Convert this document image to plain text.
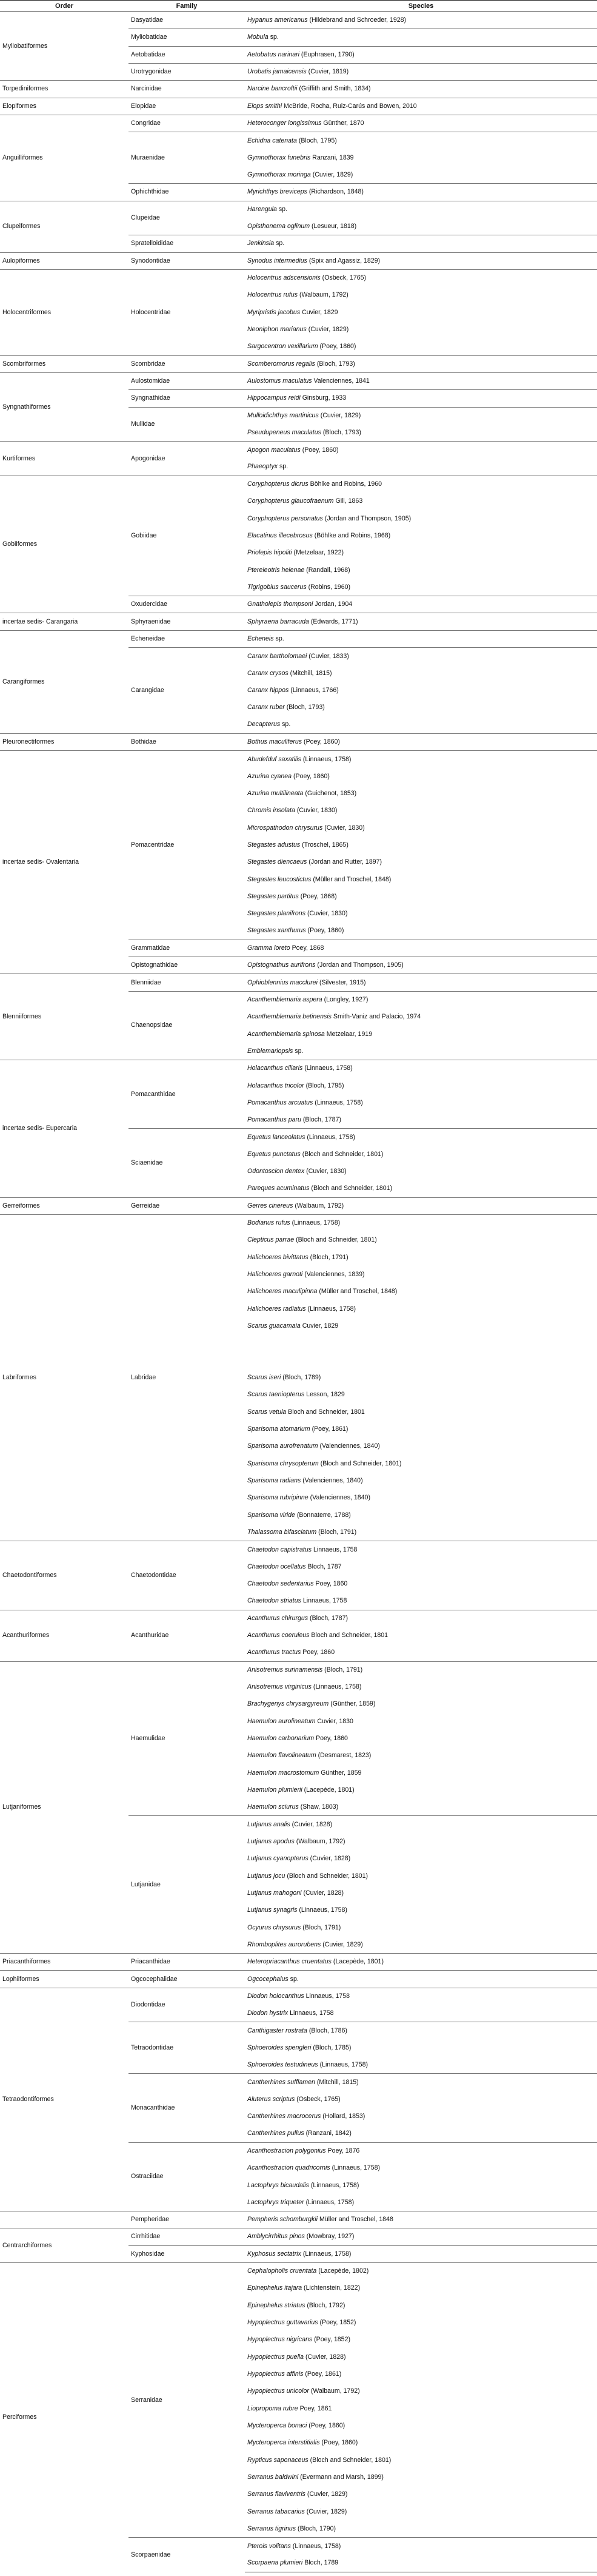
Order	Family	Species
Myliobatiformes	Dasyatidae	Hypanus americanus (Hildebrand and Schroeder, 1928)
	Myliobatidae	Mobula sp.
	Aetobatidae	Aetobatus narinari (Euphrasen, 1790)
	Urotrygonidae	Urobatis jamaicensis (Cuvier, 1819)
Torpediniformes	Narcinidae	Narcine bancroftii (Griffith and Smith, 1834)
Elopiformes	Elopidae	Elops smithi McBride, Rocha, Ruiz-Carús and Bowen, 2010
Anguilliformes	Congridae	Heteroconger longissimus Günther, 1870
	Muraenidae	Echidna catenata (Bloch, 1795)
		Gymnothorax funebris Ranzani, 1839
		Gymnothorax moringa (Cuvier, 1829)
	Ophichthidae	Myrichthys breviceps (Richardson, 1848)
Clupeiformes	Clupeidae	Harengula sp.
		Opisthonema oglinum (Lesueur, 1818)
	Spratelloididae	Jenkinsia sp.
Aulopiformes	Synodontidae	Synodus intermedius (Spix and Agassiz, 1829)
Holocentriformes	Holocentridae	Holocentrus adscensionis (Osbeck, 1765)
		Holocentrus rufus (Walbaum, 1792)
		Myripristis jacobus Cuvier, 1829
		Neoniphon marianus (Cuvier, 1829)
		Sargocentron vexillarium (Poey, 1860)
Scombriformes	Scombridae	Scomberomorus regalis (Bloch, 1793)
Syngnathiformes	Aulostomidae	Aulostomus maculatus Valenciennes, 1841
	Syngnathidae	Hippocampus reidi Ginsburg, 1933
	Mullidae	Mulloidichthys martinicus (Cuvier, 1829)
		Pseudupeneus maculatus (Bloch, 1793)
Kurtiformes	Apogonidae	Apogon maculatus (Poey, 1860)
		Phaeoptyx sp.
Gobiiformes	Gobiidae	Coryphopterus dicrus Böhlke and Robins, 1960
		Coryphopterus glaucofraenum Gill, 1863
		Coryphopterus personatus (Jordan and Thompson, 1905)
		Elacatinus illecebrosus (Böhlke and Robins, 1968)
		Priolepis hipoliti (Metzelaar, 1922)
		Ptereleotris helenae (Randall, 1968)
		Tigrigobius saucerus (Robins, 1960)
	Oxudercidae	Gnatholepis thompsoni Jordan, 1904
incertae sedis- Carangaria	Sphyraenidae	Sphyraena barracuda (Edwards, 1771)
Carangiformes	Echeneidae	Echeneis sp.
	Carangidae	Caranx bartholomaei (Cuvier, 1833)
		Caranx crysos (Mitchill, 1815)
		Caranx hippos (Linnaeus, 1766)
		Caranx ruber (Bloch, 1793)
		Decapterus sp.
Pleuronectiformes	Bothidae	Bothus maculiferus (Poey, 1860)
incertae sedis- Ovalentaria	Pomacentridae	Abudefduf saxatilis (Linnaeus, 1758)
		Azurina cyanea (Poey, 1860)
		Azurina multilineata (Guichenot, 1853)
		Chromis insolata (Cuvier, 1830)
		Microspathodon chrysurus (Cuvier, 1830)
		Stegastes adustus (Troschel, 1865)
		Stegastes diencaeus (Jordan and Rutter, 1897)
		Stegastes leucostictus (Müller and Troschel, 1848)
		Stegastes partitus (Poey, 1868)
		Stegastes planifrons (Cuvier, 1830)
		Stegastes xanthurus (Poey, 1860)
	Grammatidae	Gramma loreto Poey, 1868
	Opistognathidae	Opistognathus aurifrons (Jordan and Thompson, 1905)
Blenniiformes	Blenniidae	Ophioblennius macclurei (Silvester, 1915)
	Chaenopsidae	Acanthemblemaria aspera (Longley, 1927)
		Acanthemblemaria betinensis Smith-Vaniz and Palacio, 1974
		Acanthemblemaria spinosa Metzelaar, 1919
		Emblemariopsis sp.
incertae sedis- Eupercaria	Pomacanthidae	Holacanthus ciliaris (Linnaeus, 1758)
		Holacanthus tricolor (Bloch, 1795)
		Pomacanthus arcuatus (Linnaeus, 1758)
		Pomacanthus paru (Bloch, 1787)
	Sciaenidae	Equetus lanceolatus (Linnaeus, 1758)
		Equetus punctatus (Bloch and Schneider, 1801)
		Odontoscion dentex (Cuvier, 1830)
		Pareques acuminatus (Bloch and Schneider, 1801)
Gerreiformes	Gerreidae	Gerres cinereus (Walbaum, 1792)
Labriformes	Labridae	Bodianus rufus (Linnaeus, 1758)
		Clepticus parrae (Bloch and Schneider, 1801)
		Halichoeres bivittatus (Bloch, 1791)
		Halichoeres garnoti (Valenciennes, 1839)
		Halichoeres maculipinna (Müller and Troschel, 1848)
		Halichoeres radiatus (Linnaeus, 1758)
		Scarus guacamaia Cuvier, 1829

		Scarus iseri (Bloch, 1789)
		Scarus taeniopterus Lesson, 1829
		Scarus vetula Bloch and Schneider, 1801
		Sparisoma atomarium (Poey, 1861)
		Sparisoma aurofrenatum (Valenciennes, 1840)
		Sparisoma chrysopterum (Bloch and Schneider, 1801)
		Sparisoma radians (Valenciennes, 1840)
		Sparisoma rubripinne (Valenciennes, 1840)
		Sparisoma viride (Bonnaterre, 1788)
		Thalassoma bifasciatum (Bloch, 1791)
Chaetodontiformes	Chaetodontidae	Chaetodon capistratus Linnaeus, 1758
		Chaetodon ocellatus Bloch, 1787
		Chaetodon sedentarius Poey, 1860
		Chaetodon striatus Linnaeus, 1758
Acanthuriformes	Acanthuridae	Acanthurus chirurgus (Bloch, 1787)
		Acanthurus coeruleus Bloch and Schneider, 1801
		Acanthurus tractus Poey, 1860
Lutjaniformes	Haemulidae	Anisotremus surinamensis (Bloch, 1791)
		Anisotremus virginicus (Linnaeus, 1758)
		Brachygenys chrysargyreum (Günther, 1859)
		Haemulon aurolineatum Cuvier, 1830
		Haemulon carbonarium Poey, 1860
		Haemulon flavolineatum (Desmarest, 1823)
		Haemulon macrostomum Günther, 1859
		Haemulon plumierii (Lacepède, 1801)
		Haemulon sciurus (Shaw, 1803)
	Lutjanidae	Lutjanus analis (Cuvier, 1828)
		Lutjanus apodus (Walbaum, 1792)
		Lutjanus cyanopterus (Cuvier, 1828)
		Lutjanus jocu (Bloch and Schneider, 1801)
		Lutjanus mahogoni (Cuvier, 1828)
		Lutjanus synagris (Linnaeus, 1758)
		Ocyurus chrysurus (Bloch, 1791)
		Rhomboplites aurorubens (Cuvier, 1829)
Priacanthiformes	Priacanthidae	Heteropriacanthus cruentatus (Lacepède, 1801)
Lophiiformes	Ogcocephalidae	Ogcocephalus sp.
Tetraodontiformes	Diodontidae	Diodon holocanthus Linnaeus, 1758
		Diodon hystrix Linnaeus, 1758
	Tetraodontidae	Canthigaster rostrata (Bloch, 1786)
		Sphoeroides spengleri (Bloch, 1785)
		Sphoeroides testudineus (Linnaeus, 1758)
	Monacanthidae	Cantherhines sufflamen (Mitchill, 1815)
		Aluterus scriptus (Osbeck, 1765)
		Cantherhines macrocerus (Hollard, 1853)
		Cantherhines pullus (Ranzani, 1842)
	Ostraciidae	Acanthostracion polygonius Poey, 1876
		Acanthostracion quadricornis (Linnaeus, 1758)
		Lactophrys bicaudalis (Linnaeus, 1758)
		Lactophrys triqueter (Linnaeus, 1758)
	Pempheridae	Pempheris schomburgkii Müller and Troschel, 1848
Centrarchiformes	Cirrhitidae	Amblycirrhitus pinos (Mowbray, 1927)
	Kyphosidae	Kyphosus sectatrix (Linnaeus, 1758)
Perciformes	Serranidae	Cephalopholis cruentata (Lacepède, 1802)
		Epinephelus itajara (Lichtenstein, 1822)
		Epinephelus striatus (Bloch, 1792)
		Hypoplectrus guttavarius (Poey, 1852)
		Hypoplectrus nigricans (Poey, 1852)
		Hypoplectrus puella (Cuvier, 1828)
		Hypoplectrus affinis (Poey, 1861)
		Hypoplectrus unicolor (Walbaum, 1792)
		Liopropoma rubre Poey, 1861
		Mycteroperca bonaci (Poey, 1860)
		Mycteroperca interstitialis (Poey, 1860)
		Rypticus saponaceus (Bloch and Schneider, 1801)
		Serranus baldwini (Evermann and Marsh, 1899)
		Serranus flaviventris (Cuvier, 1829)
		Serranus tabacarius (Cuvier, 1829)
		Serranus tigrinus (Bloch, 1790)
	Scorpaenidae	Pterois volitans (Linnaeus, 1758)
		Scorpaena plumieri Bloch, 1789
